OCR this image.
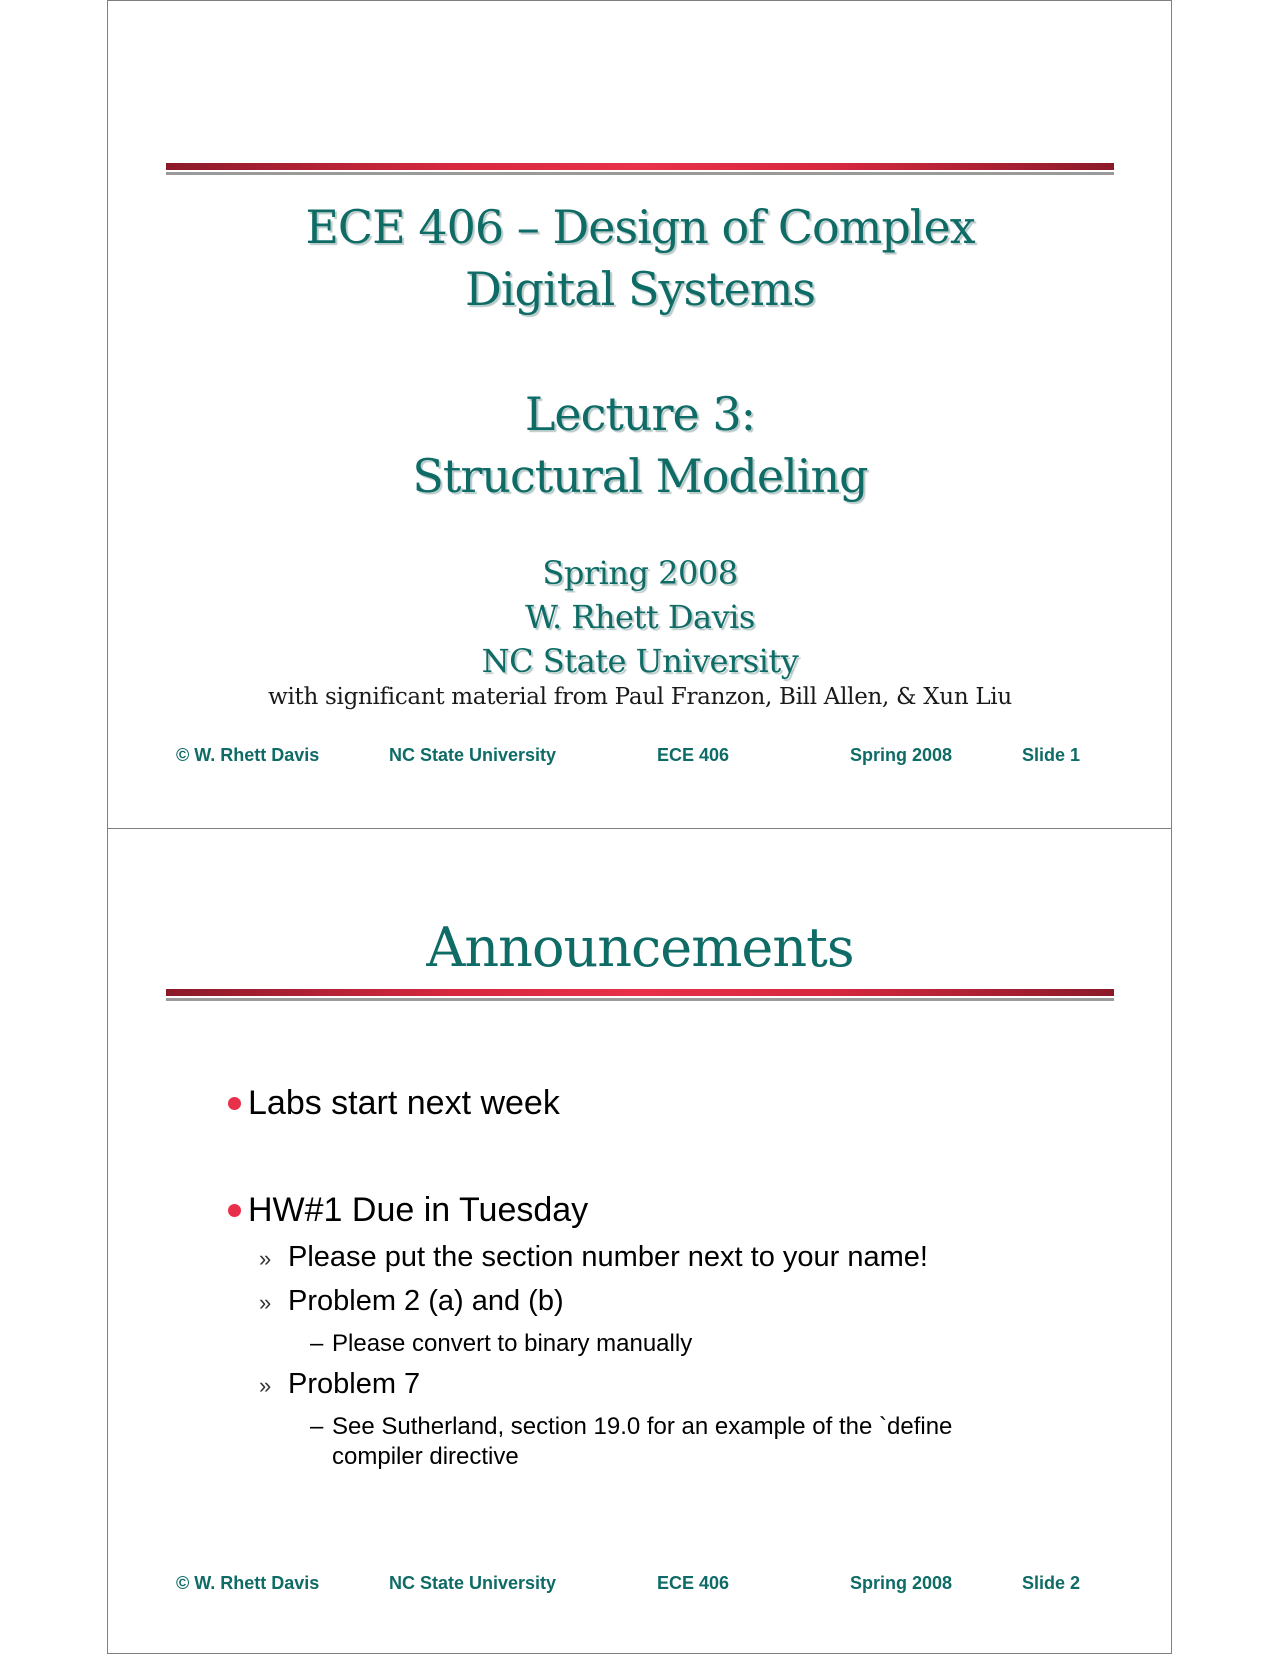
ECE 406 – Design of Complex
Digital Systems
Lecture 3:
Structural Modeling
Spring 2008
W. Rhett Davis
NC State University
with significant material from Paul Franzon, Bill Allen, & Xun Liu
© W. Rhett Davis	NC State University	ECE 406	Spring 2008	Slide 1
Announcements
Labs start next week
HW#1 Due in Tuesday
» Please put the section number next to your name!
» Problem 2 (a) and (b)
– Please convert to binary manually
» Problem 7
– See Sutherland, section 19.0 for an example of the `define
compiler directive
© W. Rhett Davis	NC State University	ECE 406	Spring 2008	Slide 2
